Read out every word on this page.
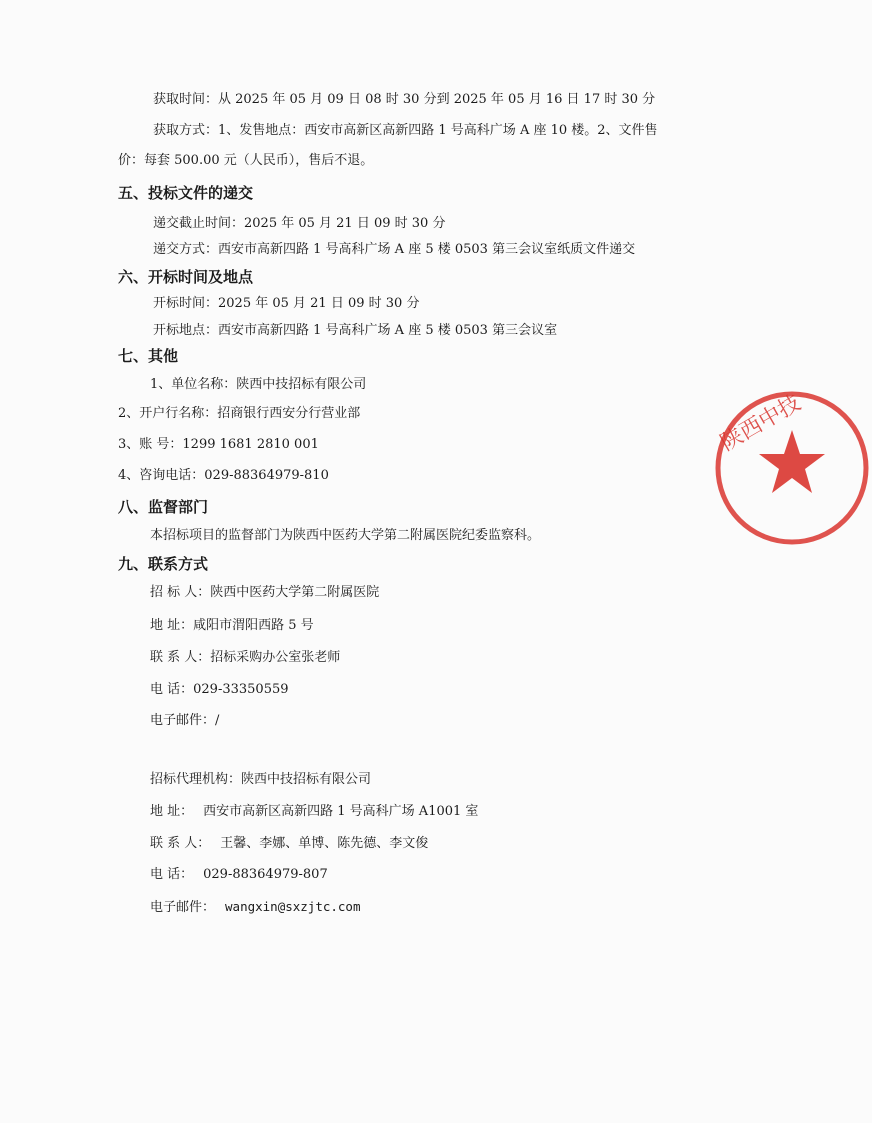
获取时间：从 2025 年 05 月 09 日 08 时 30 分到 2025 年 05 月 16 日 17 时 30 分
获取方式：1、发售地点：西安市高新区高新四路 1 号高科广场 A 座 10 楼。2、文件售
价：每套 500.00 元（人民币），售后不退。
五、投标文件的递交
递交截止时间：2025 年 05 月 21 日 09 时 30 分
递交方式：西安市高新四路 1 号高科广场 A 座 5 楼 0503 第三会议室纸质文件递交
六、开标时间及地点
开标时间：2025 年 05 月 21 日 09 时 30 分
开标地点：西安市高新四路 1 号高科广场 A 座 5 楼 0503 第三会议室
七、其他
1、单位名称：陕西中技招标有限公司
2、开户行名称：招商银行西安分行营业部
3、账 号：1299 1681 2810 001
4、咨询电话：029-88364979-810
八、监督部门
本招标项目的监督部门为陕西中医药大学第二附属医院纪委监察科。
九、联系方式
招 标 人：陕西中医药大学第二附属医院
地 址：咸阳市渭阳西路 5 号
联 系 人：招标采购办公室张老师
电 话：029-33350559
电子邮件：/
招标代理机构：陕西中技招标有限公司
地 址： 西安市高新区高新四路 1 号高科广场 A1001 室
联 系 人： 王馨、李娜、单博、陈先德、李文俊
电 话： 029-88364979-807
电子邮件： wangxin@sxzjtc.com
陕西中技
